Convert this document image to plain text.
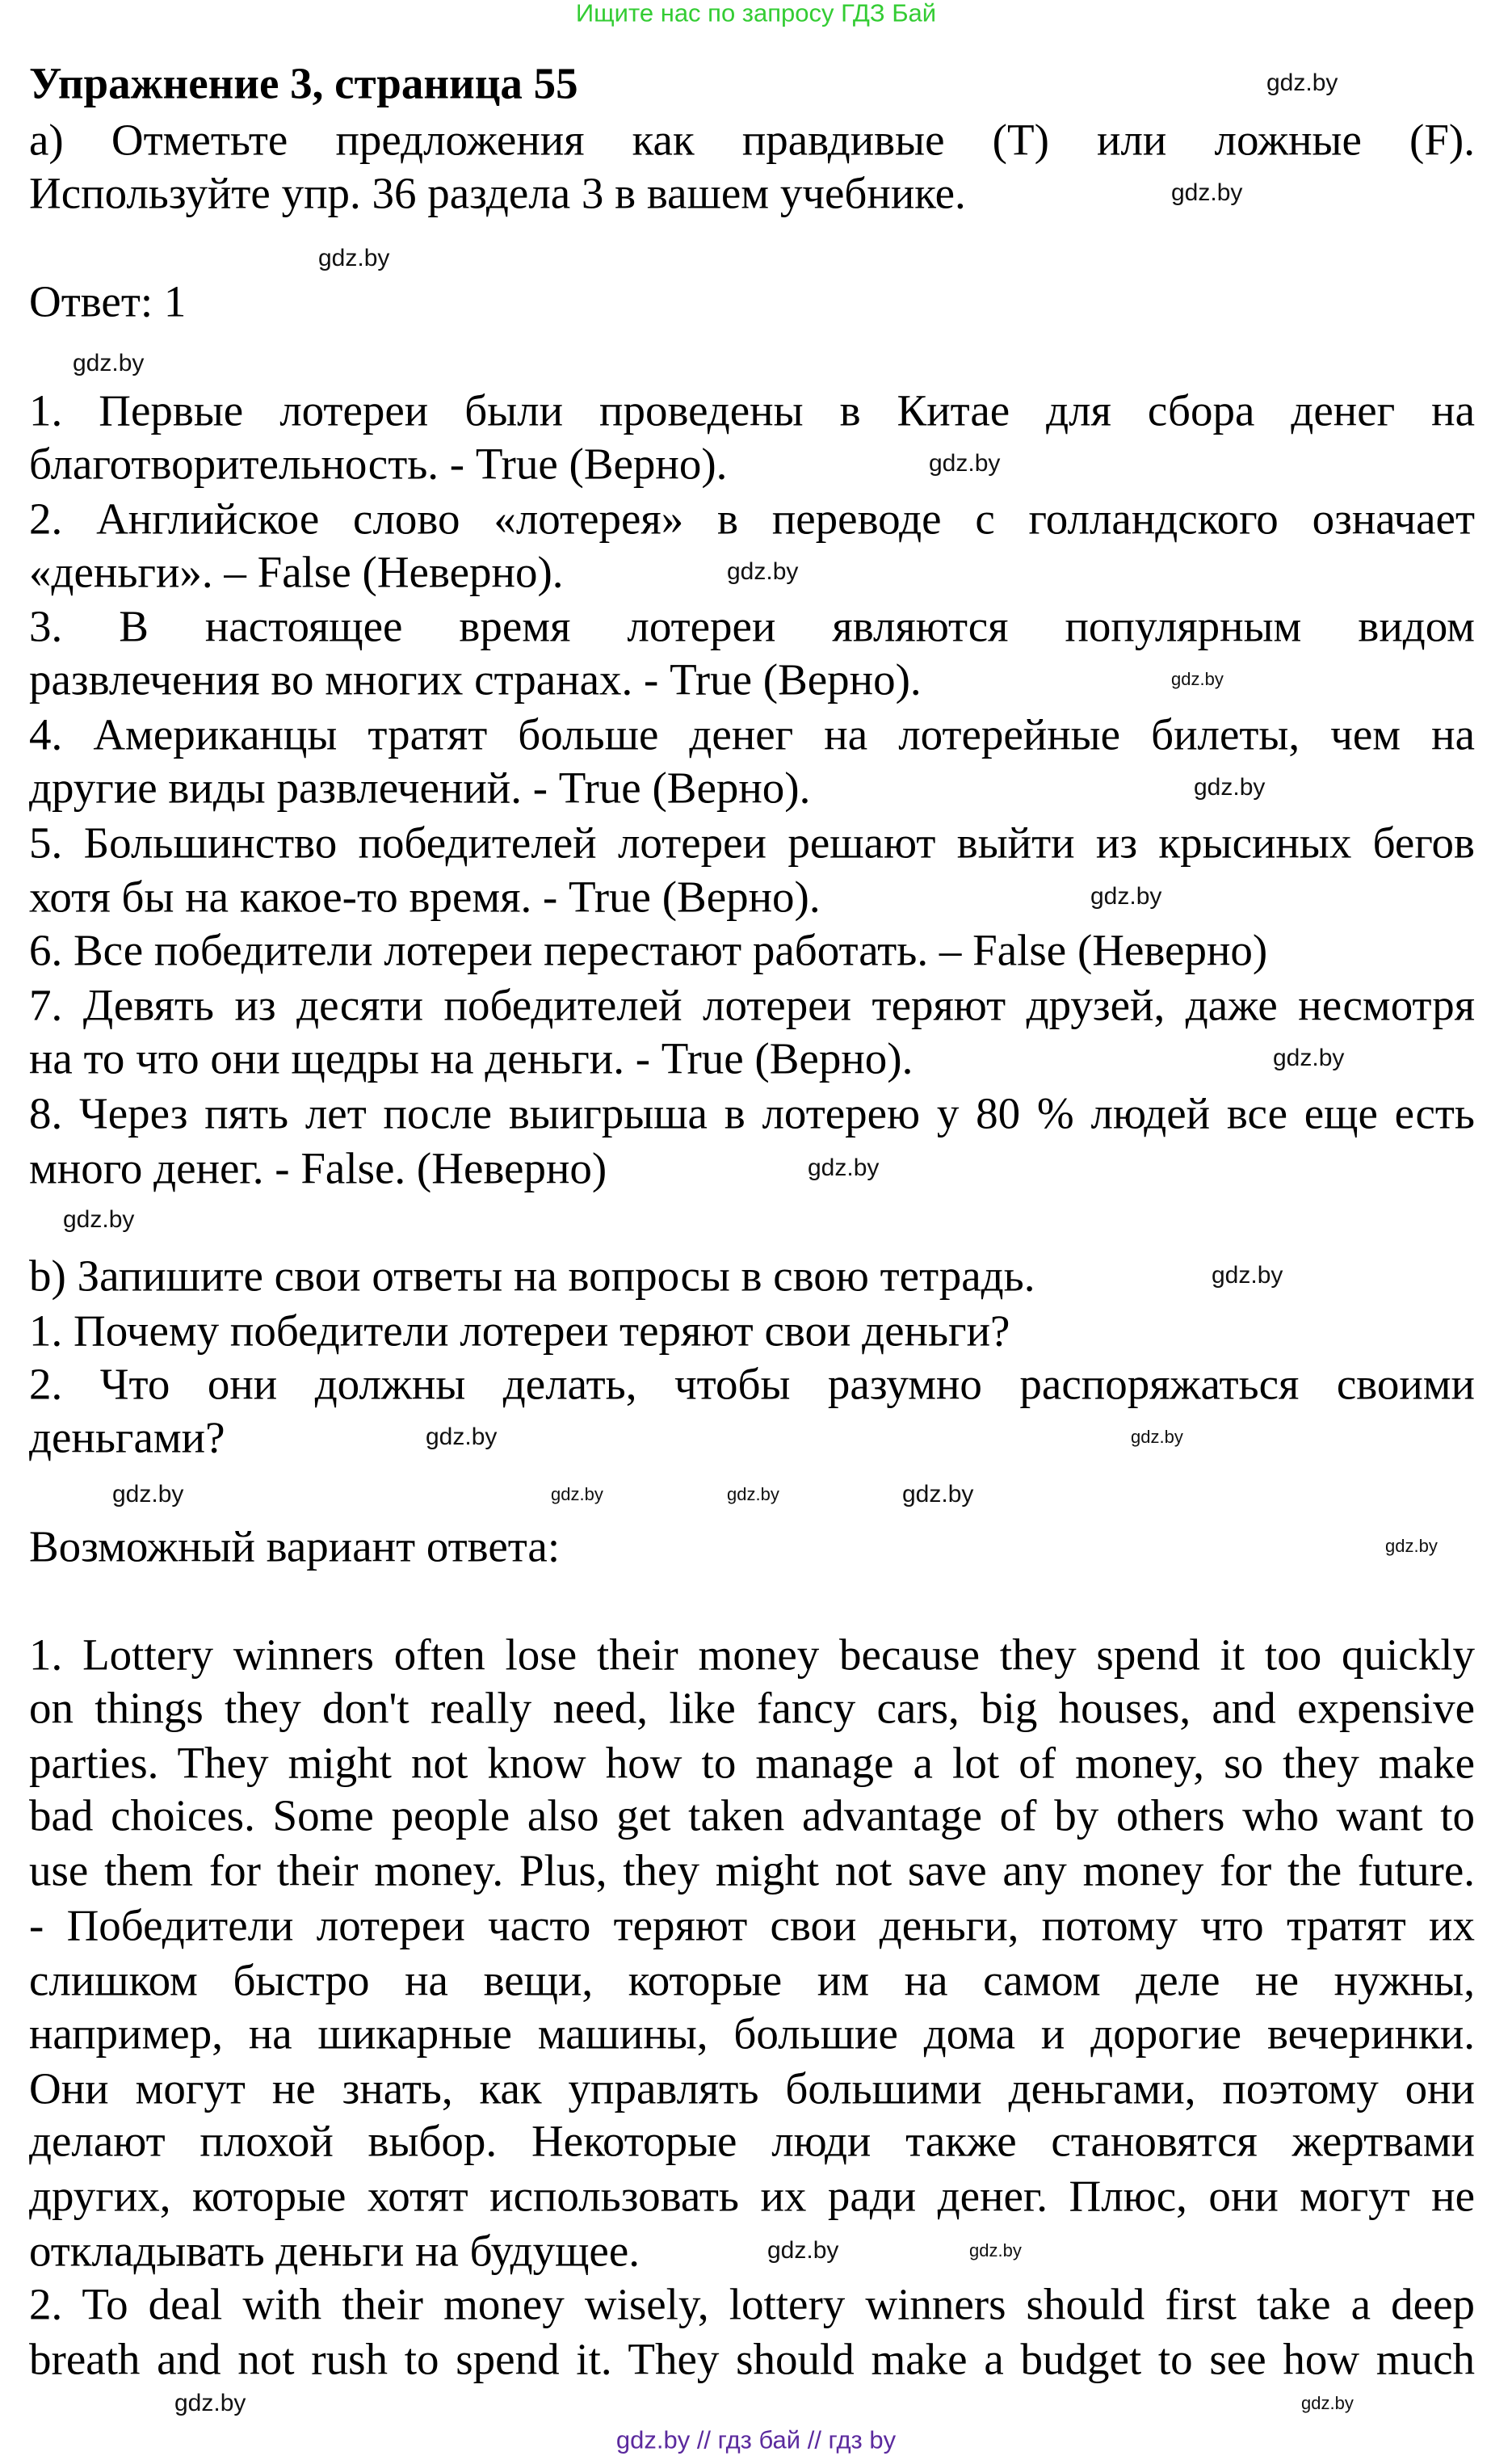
Ищите нас по запросу ГДЗ Бай
Упражнение 3, страница 55
а) Отметьте предложения как правдивые (T) или ложные (F).
Используйте упр. 36 раздела 3 в вашем учебнике.
Ответ: 1
1. Первые лотереи были проведены в Китае для сбора денег на
благотворительность. - True (Верно).
2. Английское слово «лотерея» в переводе с голландского означает
«деньги». – False (Неверно).
3. В настоящее время лотереи являются популярным видом
развлечения во многих странах. - True (Верно).
4. Американцы тратят больше денег на лотерейные билеты, чем на
другие виды развлечений. - True (Верно).
5. Большинство победителей лотереи решают выйти из крысиных бегов
хотя бы на какое-то время. - True (Верно).
6. Все победители лотереи перестают работать. – False (Неверно)
7. Девять из десяти победителей лотереи теряют друзей, даже несмотря
на то что они щедры на деньги. - True (Верно).
8. Через пять лет после выигрыша в лотерею у 80 % людей все еще есть
много денег. - False. (Неверно)
b) Запишите свои ответы на вопросы в свою тетрадь.
1. Почему победители лотереи теряют свои деньги?
2. Что они должны делать, чтобы разумно распоряжаться своими
деньгами?
Возможный вариант ответа:
1. Lottery winners often lose their money because they spend it too quickly
on things they don't really need, like fancy cars, big houses, and expensive
parties. They might not know how to manage a lot of money, so they make
bad choices. Some people also get taken advantage of by others who want to
use them for their money. Plus, they might not save any money for the future.
- Победители лотереи часто теряют свои деньги, потому что тратят их
слишком быстро на вещи, которые им на самом деле не нужны,
например, на шикарные машины, большие дома и дорогие вечеринки.
Они могут не знать, как управлять большими деньгами, поэтому они
делают плохой выбор. Некоторые люди также становятся жертвами
других, которые хотят использовать их ради денег. Плюс, они могут не
откладывать деньги на будущее.
2. To deal with their money wisely, lottery winners should first take a deep
breath and not rush to spend it. They should make a budget to see how much
gdz.by
gdz.by
gdz.by
gdz.by
gdz.by
gdz.by
gdz.by
gdz.by
gdz.by
gdz.by
gdz.by
gdz.by
gdz.by
gdz.by
gdz.by
gdz.by	gdz.by	gdz.by
gdz.by
gdz.by
gdz.by	gdz.by
gdz.by
gdz.by
gdz.by // гдз бай // гдз by
